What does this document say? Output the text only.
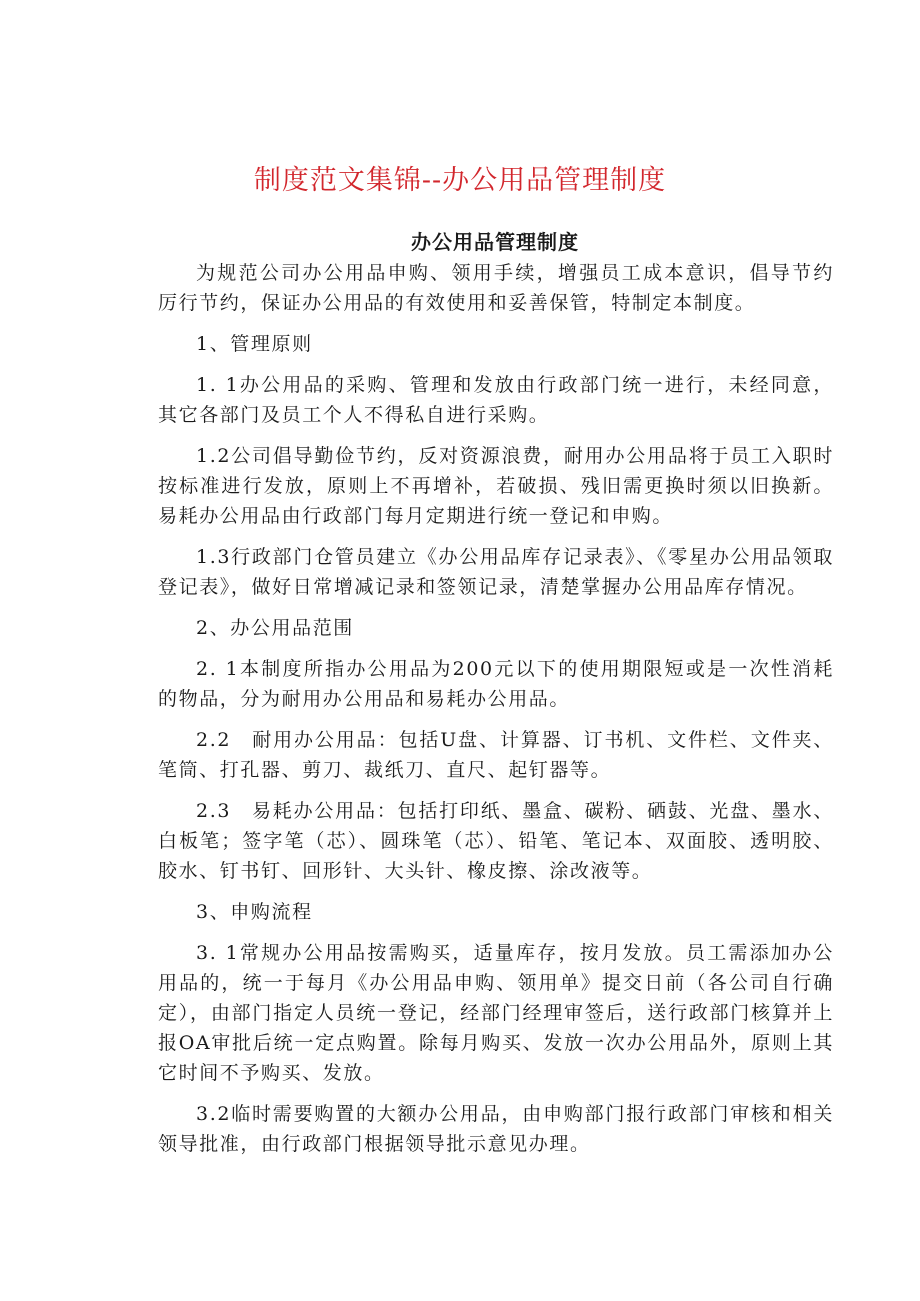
制度范文集锦--办公用品管理制度
办公用品管理制度

为规范公司办公用品申购、领用手续，增强员工成本意识，倡导节约厉行节约，保证办公用品的有效使用和妥善保管，特制定本制度。

1、管理原则

1. 1办公用品的采购、管理和发放由行政部门统一进行，未经同意，其它各部门及员工个人不得私自进行采购。

1.2公司倡导勤俭节约，反对资源浪费，耐用办公用品将于员工入职时按标准进行发放，原则上不再增补，若破损、残旧需更换时须以旧换新。易耗办公用品由行政部门每月定期进行统一登记和申购。

1.3行政部门仓管员建立《办公用品库存记录表》、《零星办公用品领取登记表》，做好日常增减记录和签领记录，清楚掌握办公用品库存情况。

2、办公用品范围

2. 1本制度所指办公用品为200元以下的使用期限短或是一次性消耗的物品，分为耐用办公用品和易耗办公用品。

2.2　耐用办公用品：包括U盘、计算器、订书机、文件栏、文件夹、笔筒、打孔器、剪刀、裁纸刀、直尺、起钉器等。

2.3　易耗办公用品：包括打印纸、墨盒、碳粉、硒鼓、光盘、墨水、白板笔；签字笔（芯）、圆珠笔（芯）、铅笔、笔记本、双面胶、透明胶、胶水、钉书钉、回形针、大头针、橡皮擦、涂改液等。

3、申购流程

3. 1常规办公用品按需购买，适量库存，按月发放。员工需添加办公用品的，统一于每月《办公用品申购、领用单》提交日前（各公司自行确定），由部门指定人员统一登记，经部门经理审签后，送行政部门核算并上报OA审批后统一定点购置。除每月购买、发放一次办公用品外，原则上其它时间不予购买、发放。

3.2临时需要购置的大额办公用品，由申购部门报行政部门审核和相关领导批准，由行政部门根据领导批示意见办理。
